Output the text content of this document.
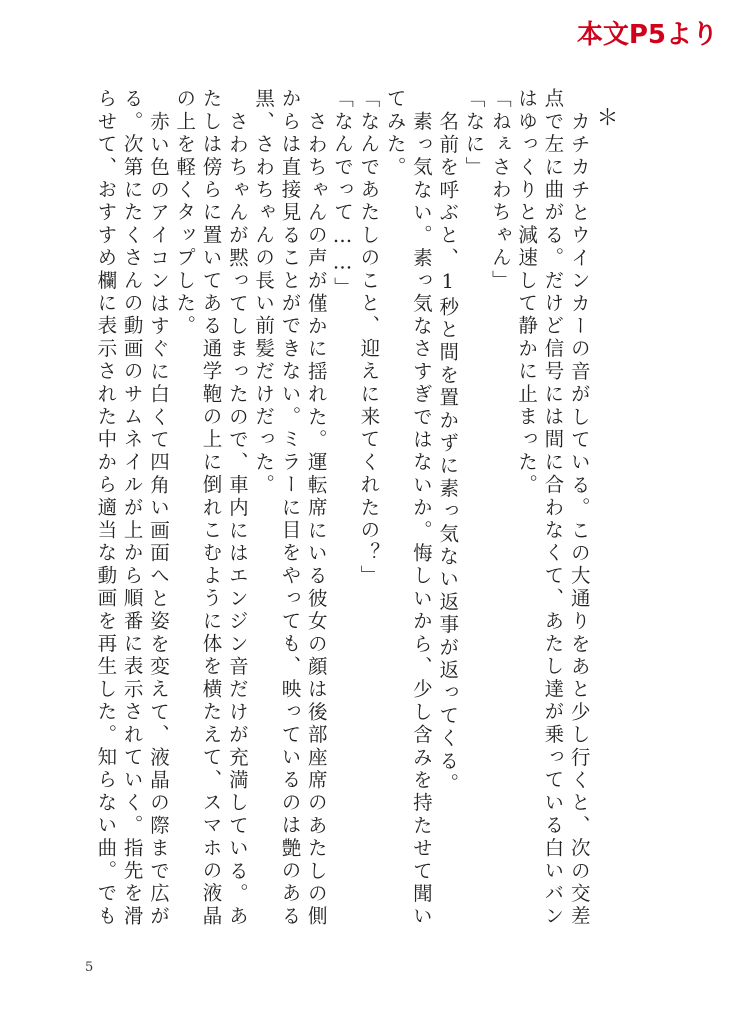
本文P5より
＊
カチカチとウインカーの音がしている。この大通りをあと少し行くと、次の交差
点で左に曲がる。だけど信号には間に合わなくて、あたし達が乗っている白いバン
はゆっくりと減速して静かに止まった。
「ねぇさわちゃん」
「なに」
名前を呼ぶと、1秒と間を置かずに素っ気ない返事が返ってくる。
素っ気ない。素っ気なさすぎではないか。悔しいから、少し含みを持たせて聞い
てみた。
「なんであたしのこと、迎えに来てくれたの？」
「なんでって……」
さわちゃんの声が僅かに揺れた。運転席にいる彼女の顔は後部座席のあたしの側
からは直接見ることができない。ミラーに目をやっても、映っているのは艶のある
黒、さわちゃんの長い前髪だけだった。
さわちゃんが黙ってしまったので、車内にはエンジン音だけが充満している。あ
たしは傍らに置いてある通学鞄の上に倒れこむように体を横たえて、スマホの液晶
の上を軽くタップした。
赤い色のアイコンはすぐに白くて四角い画面へと姿を変えて、液晶の際まで広が
る。次第にたくさんの動画のサムネイルが上から順番に表示されていく。指先を滑
らせて、おすすめ欄に表示された中から適当な動画を再生した。知らない曲。でも
5
